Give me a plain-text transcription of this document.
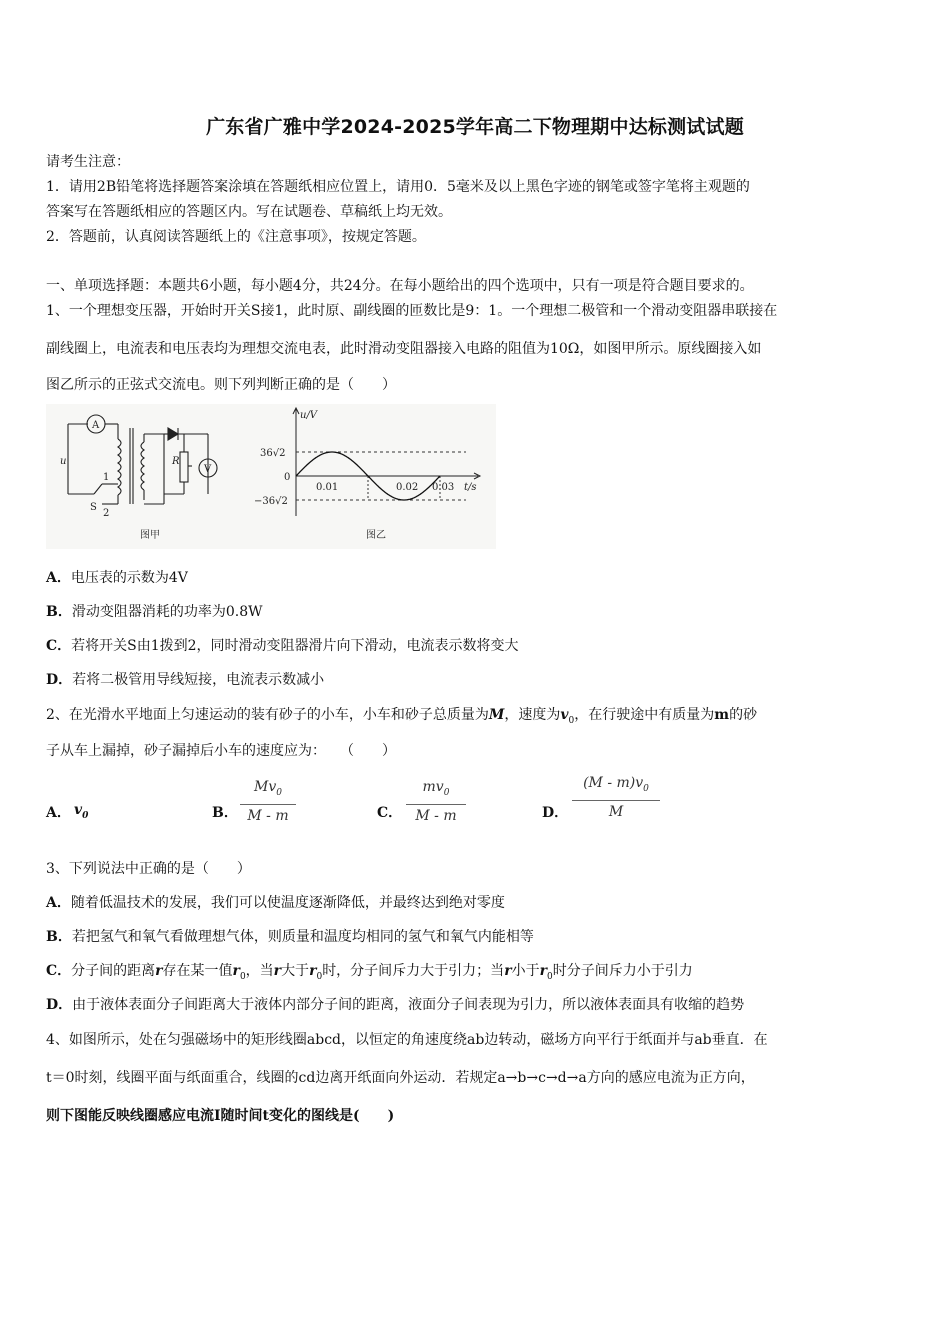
广东省广雅中学2024-2025学年高二下物理期中达标测试试题
请考生注意：
1．请用2B铅笔将选择题答案涂填在答题纸相应位置上，请用0．5毫米及以上黑色字迹的钢笔或签字笔将主观题的
答案写在答题纸相应的答题区内。写在试题卷、草稿纸上均无效。
2．答题前，认真阅读答题纸上的《注意事项》，按规定答题。
一、单项选择题：本题共6小题，每小题4分，共24分。在每小题给出的四个选项中，只有一项是符合题目要求的。
1、一个理想变压器，开始时开关S接1，此时原、副线圈的匝数比是9：1。一个理想二极管和一个滑动变阻器串联接在
副线圈上，电流表和电压表均为理想交流电表，此时滑动变阻器接入电路的阻值为10Ω，如图甲所示。原线圈接入如
图乙所示的正弦式交流电。则下列判断正确的是（　　）
u
1
S
2
A
V
R
图甲
u/V
36√2
0
−36√2
0.01	0.02 0.03 t/s
图乙
A．电压表的示数为4V
B．滑动变阻器消耗的功率为0.8W
C．若将开关S由1拨到2，同时滑动变阻器滑片向下滑动，电流表示数将变大
D．若将二极管用导线短接，电流表示数减小
2、在光滑水平地面上匀速运动的装有砂子的小车，小车和砂子总质量为M，速度为$v_0$，在行驶途中有质量为m的砂
子从车上漏掉，砂子漏掉后小车的速度应为：　　（　　）
A． $v_0$	B．
$Mv_0$
M - m	C．
$mv_0$
M - m	D．
$(M - m)v_0$
M
3、下列说法中正确的是（　　）
A．随着低温技术的发展，我们可以使温度逐渐降低，并最终达到绝对零度
B．若把氢气和氧气看做理想气体，则质量和温度均相同的氢气和氧气内能相等
C．分子间的距离r存在某一值$r_0$，当r大于$r_0$时，分子间斥力大于引力；当r小于$r_0$时分子间斥力小于引力
D．由于液体表面分子间距离大于液体内部分子间的距离，液面分子间表现为引力，所以液体表面具有收缩的趋势
4、如图所示，处在匀强磁场中的矩形线圈abcd，以恒定的角速度绕ab边转动，磁场方向平行于纸面并与ab垂直．在
t＝0时刻，线圈平面与纸面重合，线圈的cd边离开纸面向外运动．若规定a→b→c→d→a方向的感应电流为正方向，
则下图能反映线圈感应电流I随时间t变化的图线是(　　)
